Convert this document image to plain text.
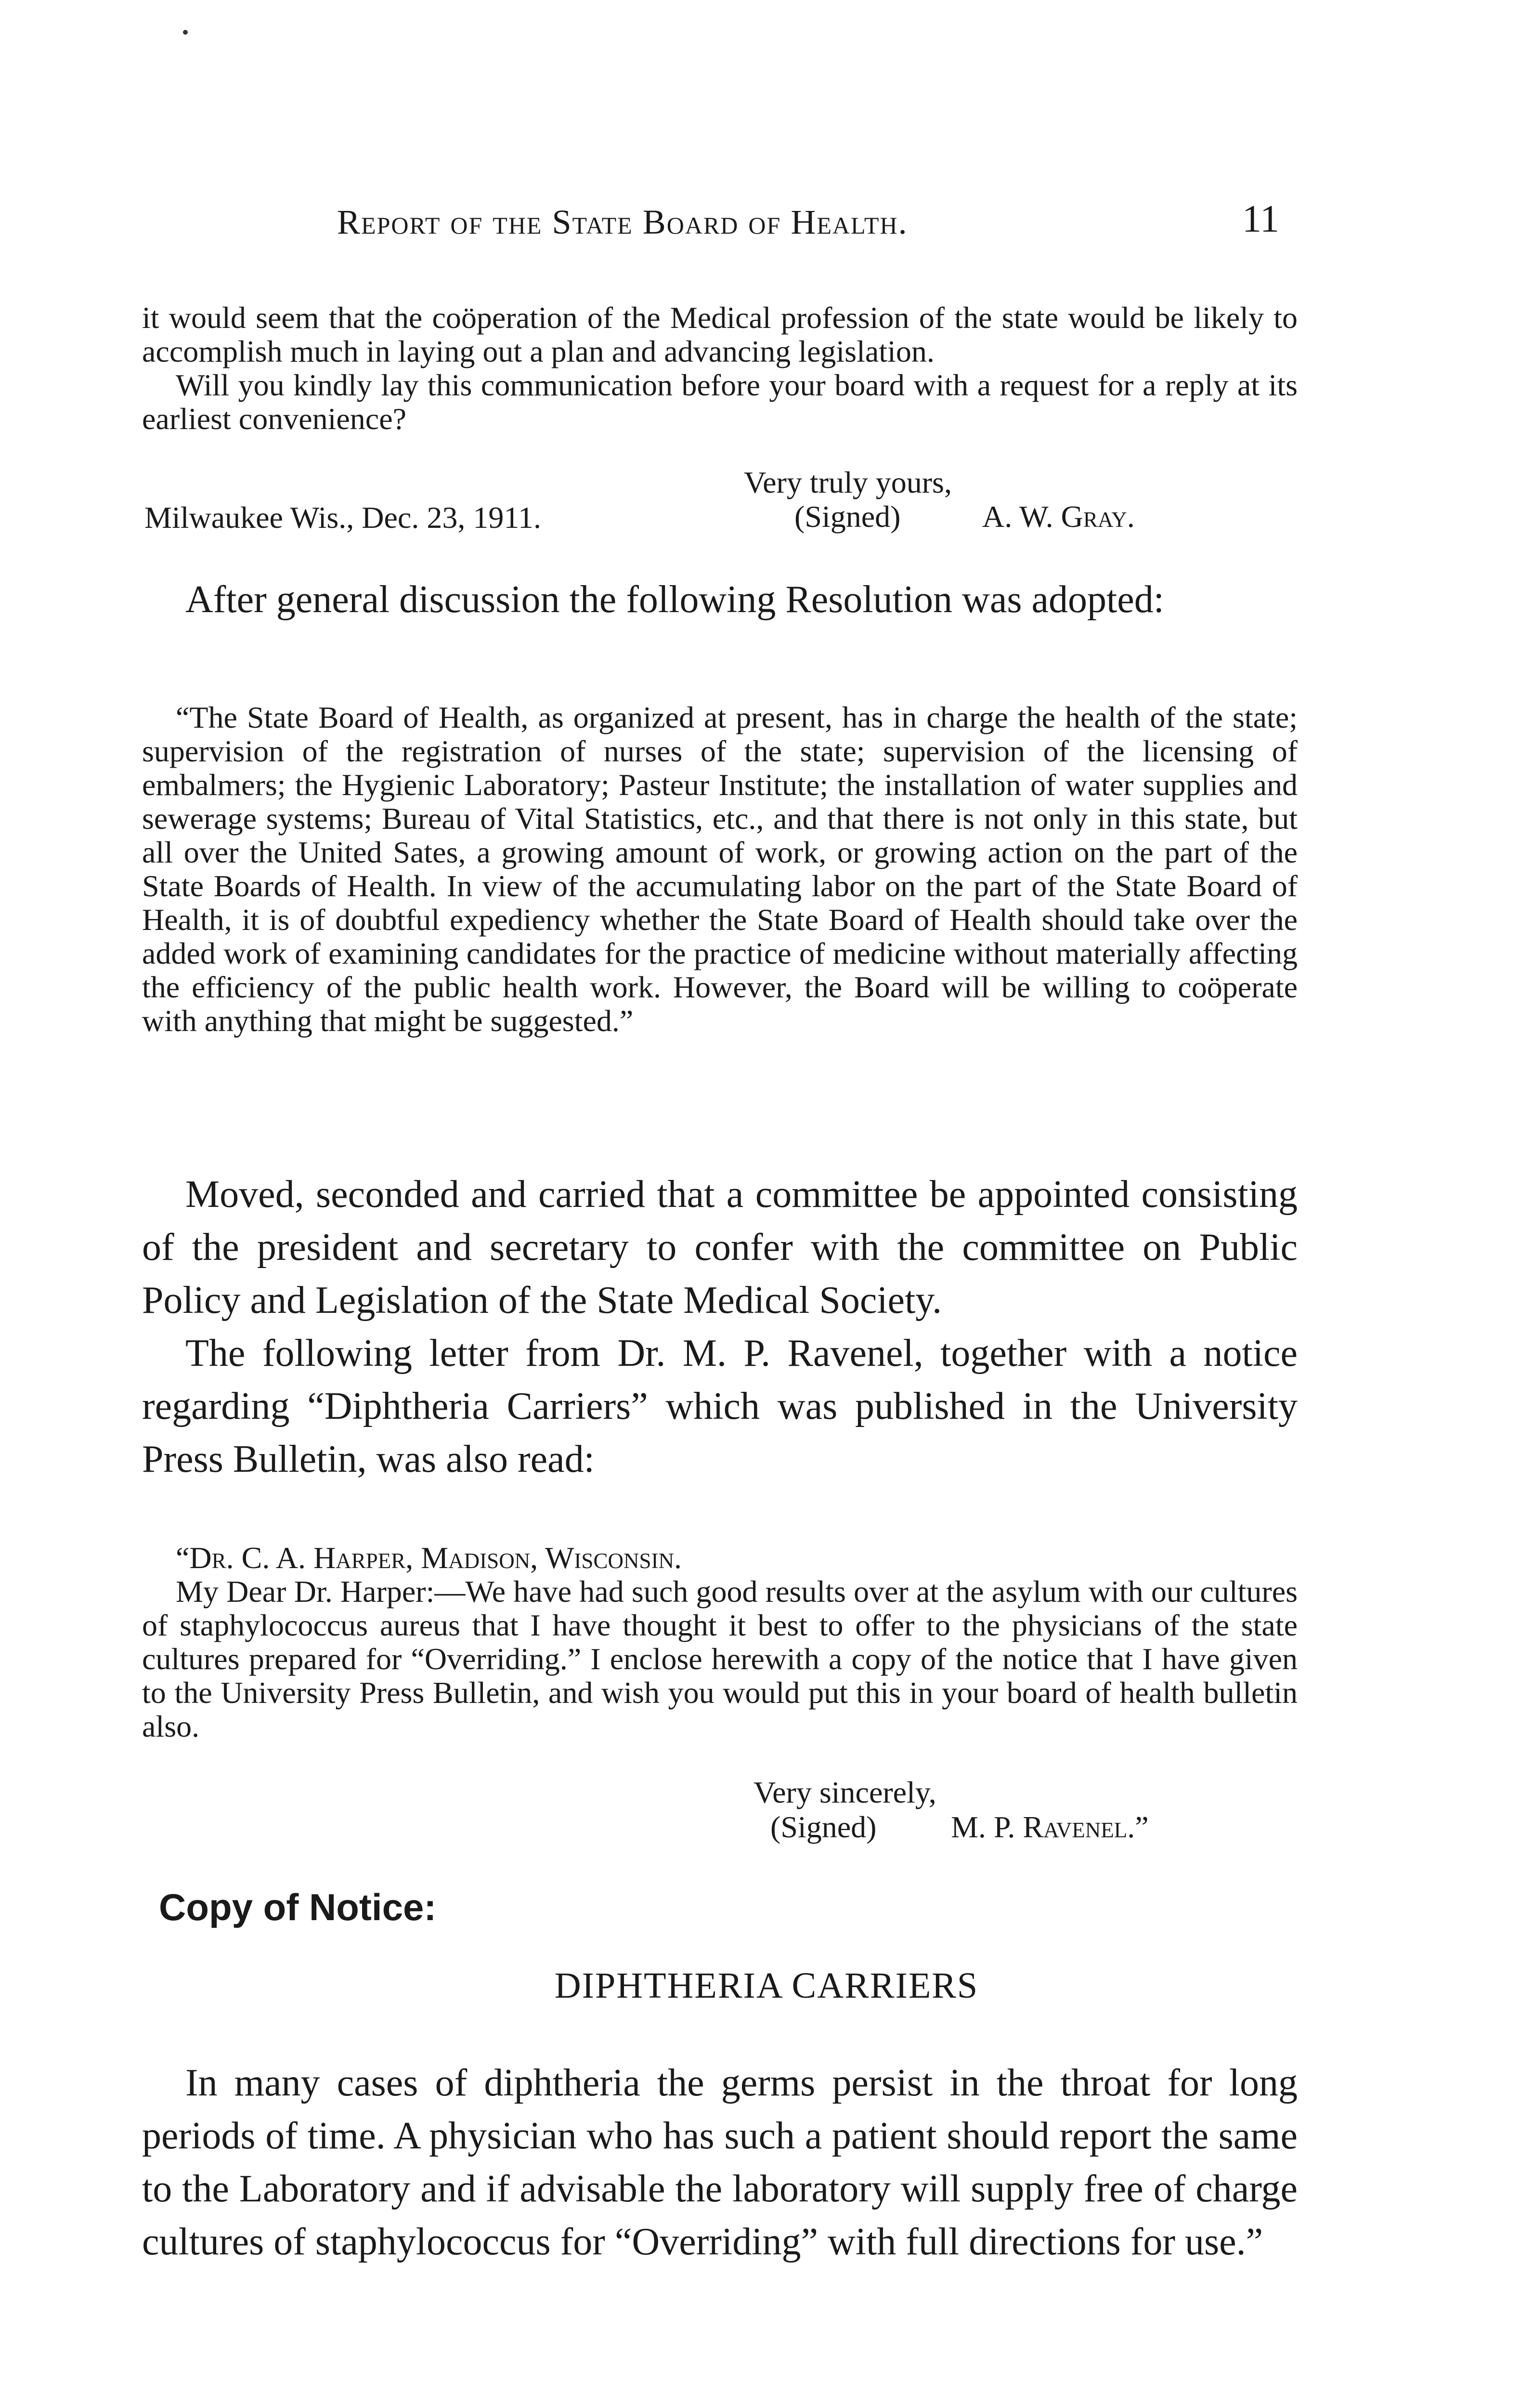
Report of the State Board of Health.	11

it would seem that the coöperation of the Medical profession of the state would be likely to accomplish much in laying out a plan and advancing legislation.

Will you kindly lay this communication before your board with a request for a reply at its earliest convenience?

Very truly yours,
Milwaukee Wis., Dec. 23, 1911.	(Signed)	A. W. Gray.

After general discussion the following Resolution was adopted:

“The State Board of Health, as organized at present, has in charge the health of the state; supervision of the registration of nurses of the state; supervision of the licensing of embalmers; the Hygienic Laboratory; Pasteur Institute; the installation of water supplies and sewerage systems; Bureau of Vital Statistics, etc., and that there is not only in this state, but all over the United Sates, a growing amount of work, or growing action on the part of the State Boards of Health. In view of the accumulating labor on the part of the State Board of Health, it is of doubtful expediency whether the State Board of Health should take over the added work of examining candidates for the practice of medicine without materially affecting the efficiency of the public health work. However, the Board will be willing to coöperate with anything that might be suggested.”

Moved, seconded and carried that a committee be appointed consisting of the president and secretary to confer with the committee on Public Policy and Legislation of the State Medical Society.

The following letter from Dr. M. P. Ravenel, together with a notice regarding “Diphtheria Carriers” which was published in the University Press Bulletin, was also read:

“Dr. C. A. Harper, Madison, Wisconsin.

My Dear Dr. Harper:—We have had such good results over at the asylum with our cultures of staphylococcus aureus that I have thought it best to offer to the physicians of the state cultures prepared for “Overriding.” I enclose herewith a copy of the notice that I have given to the University Press Bulletin, and wish you would put this in your board of health bulletin also.

Very sincerely,
(Signed) M. P. Ravenel.”
Copy of Notice:
DIPHTHERIA CARRIERS

In many cases of diphtheria the germs persist in the throat for long periods of time. A physician who has such a patient should report the same to the Laboratory and if advisable the laboratory will supply free of charge cultures of staphylococcus for “Overriding” with full directions for use.”
